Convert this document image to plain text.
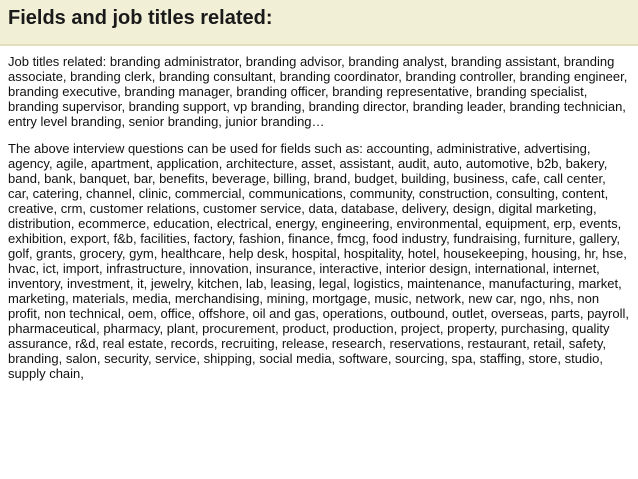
Fields and job titles related:

Job titles related: branding administrator, branding advisor, branding analyst, branding assistant, branding associate, branding clerk, branding consultant, branding coordinator, branding controller, branding engineer, branding executive, branding manager, branding officer, branding representative, branding specialist, branding supervisor, branding support, vp branding, branding director, branding leader, branding technician, entry level branding, senior branding, junior branding…

The above interview questions can be used for fields such as: accounting, administrative, advertising, agency, agile, apartment, application, architecture, asset, assistant, audit, auto, automotive, b2b, bakery, band, bank, banquet, bar, benefits, beverage, billing, brand, budget, building, business, cafe, call center, car, catering, channel, clinic, commercial, communications, community, construction, consulting, content, creative, crm, customer relations, customer service, data, database, delivery, design, digital marketing, distribution, ecommerce, education, electrical, energy, engineering, environmental, equipment, erp, events, exhibition, export, f&b, facilities, factory, fashion, finance, fmcg, food industry, fundraising, furniture, gallery, golf, grants, grocery, gym, healthcare, help desk, hospital, hospitality, hotel, housekeeping, housing, hr, hse, hvac, ict, import, infrastructure, innovation, insurance, interactive, interior design, international, internet, inventory, investment, it, jewelry, kitchen, lab, leasing, legal, logistics, maintenance, manufacturing, market, marketing, materials, media, merchandising, mining, mortgage, music, network, new car, ngo, nhs, non profit, non technical, oem, office, offshore, oil and gas, operations, outbound, outlet, overseas, parts, payroll, pharmaceutical, pharmacy, plant, procurement, product, production, project, property, purchasing, quality assurance, r&d, real estate, records, recruiting, release, research, reservations, restaurant, retail, safety, branding, salon, security, service, shipping, social media, software, sourcing, spa, staffing, store, studio, supply chain,
